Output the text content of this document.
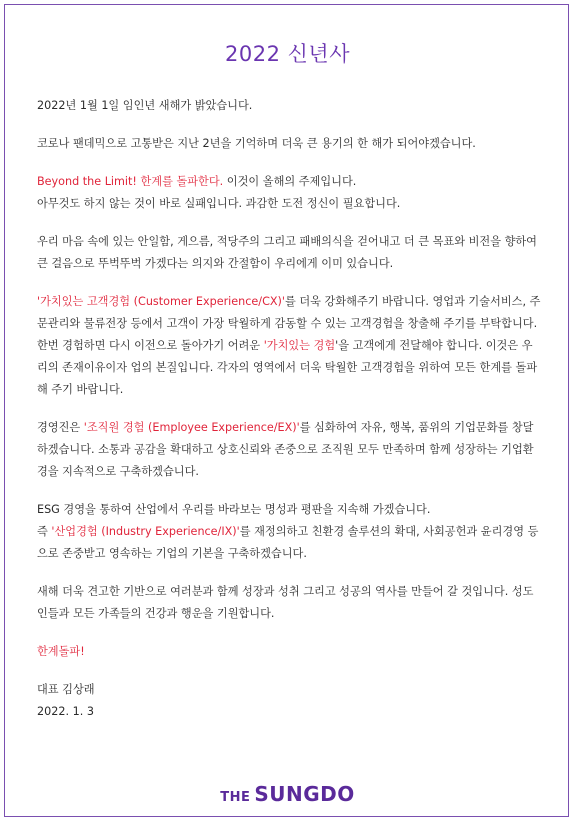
2022 신년사

2022년 1월 1일 임인년 새해가 밝았습니다.

코로나 팬데믹으로 고통받은 지난 2년을 기억하며 더욱 큰 용기의 한 해가 되어야겠습니다.

Beyond the Limit! 한계를 돌파한다. 이것이 올해의 주제입니다.
아무것도 하지 않는 것이 바로 실패입니다. 과감한 도전 정신이 필요합니다.

우리 마음 속에 있는 안일함, 게으름, 적당주의 그리고 패배의식을 걷어내고 더 큰 목표와 비전을 향하여 큰 걸음으로 뚜벅뚜벅 가겠다는 의지와 간절함이 우리에게 이미 있습니다.

'가치있는 고객경험 (Customer Experience/CX)'를 더욱 강화해주기 바랍니다. 영업과 기술서비스, 주문관리와 물류전장 등에서 고객이 가장 탁월하게 감동할 수 있는 고객경험을 창출해 주기를 부탁합니다. 한번 경험하면 다시 이전으로 돌아가기 어려운 '가치있는 경험'을 고객에게 전달해야 합니다. 이것은 우리의 존재이유이자 업의 본질입니다. 각자의 영역에서 더욱 탁월한 고객경험을 위하여 모든 한계를 돌파해 주기 바랍니다.

경영진은 '조직원 경험 (Employee Experience/EX)'를 심화하여 자유, 행복, 품위의 기업문화를 창달하겠습니다. 소통과 공감을 확대하고 상호신뢰와 존중으로 조직원 모두 만족하며 함께 성장하는 기업환경을 지속적으로 구축하겠습니다.

ESG 경영을 통하여 산업에서 우리를 바라보는 명성과 평판을 지속해 가겠습니다.
즉 '산업경험 (Industry Experience/IX)'를 재정의하고 친환경 솔루션의 확대, 사회공헌과 윤리경영 등으로 존중받고 영속하는 기업의 기본을 구축하겠습니다.

새해 더욱 견고한 기반으로 여러분과 함께 성장과 성취 그리고 성공의 역사를 만들어 갈 것입니다. 성도인들과 모든 가족들의 건강과 행운을 기원합니다.

한계돌파!

대표 김상래
2022. 1. 3
THE SUNGDO
